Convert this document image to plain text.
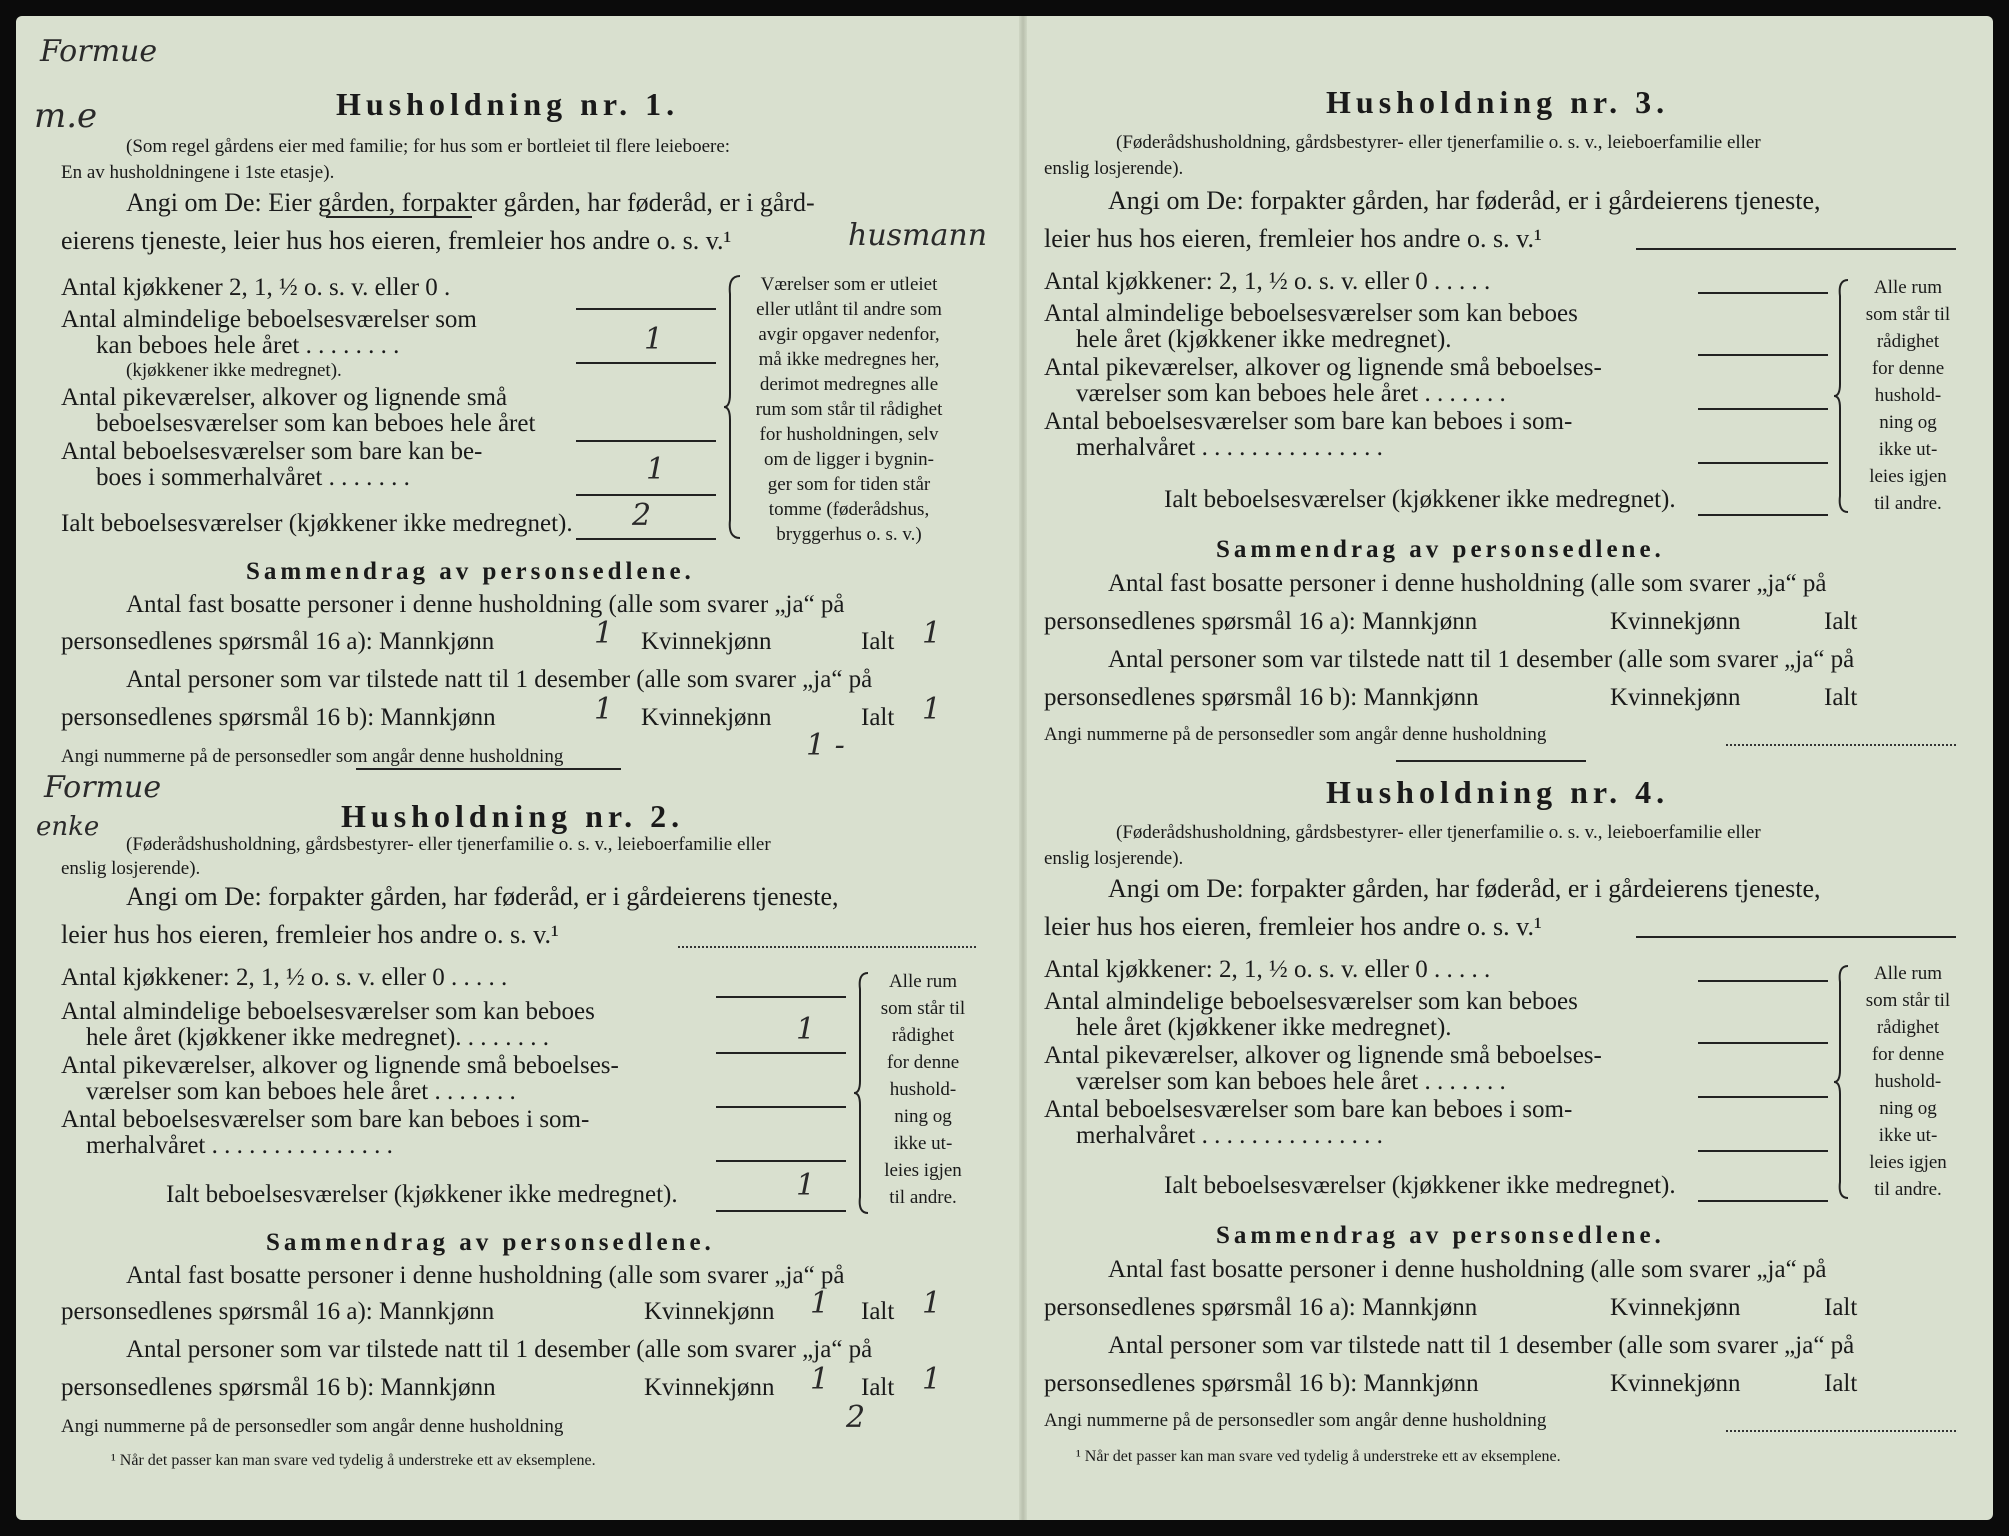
Formue
m.e	Husholdning nr. 1.
(Som regel gårdens eier med familie; for hus som er bortleiet til flere leieboere:
En av husholdningene i 1ste etasje).
Angi om De: Eier gården, forpakter gården, har føderåd, er i gård-
eierens tjeneste, leier hus hos eieren, fremleier hos andre o. s. v.¹	husmann
Antal kjøkkener 2, 1, ½ o. s. v. eller 0 .
Antal almindelige beboelsesværelser som
kan beboes hele året . . . . . . . .	1
(kjøkkener ikke medregnet).
Antal pikeværelser, alkover og lignende små
beboelsesværelser som kan beboes hele året
Antal beboelsesværelser som bare kan be-
boes i sommerhalvåret . . . . . . .	1
Ialt beboelsesværelser (kjøkkener ikke medregnet). 2
Værelser som er utleiet
eller utlånt til andre som
avgir opgaver nedenfor,
må ikke medregnes her,
derimot medregnes alle
rum som står til rådighet
for husholdningen, selv
om de ligger i bygnin-
ger som for tiden står
tomme (føderådshus,
bryggerhus o. s. v.)
Sammendrag av personsedlene.
Antal fast bosatte personer i denne husholdning (alle som svarer „ja“ på
personsedlenes spørsmål 16 a): Mannkjønn	1 Kvinnekjønn	Ialt 1
Antal personer som var tilstede natt til 1 desember (alle som svarer „ja“ på
personsedlenes spørsmål 16 b): Mannkjønn	1 Kvinnekjønn	Ialt 1
Angi nummerne på de personsedler som angår denne husholdning	1 -
Formue
enke	Husholdning nr. 2.
(Føderådshusholdning, gårdsbestyrer- eller tjenerfamilie o. s. v., leieboerfamilie eller
enslig losjerende).
Angi om De: forpakter gården, har føderåd, er i gårdeierens tjeneste,
leier hus hos eieren, fremleier hos andre o. s. v.¹
Antal kjøkkener: 2, 1, ½ o. s. v. eller 0 . . . . .
Antal almindelige beboelsesværelser som kan beboes
hele året (kjøkkener ikke medregnet). . . . . . . .	1
Antal pikeværelser, alkover og lignende små beboelses-
værelser som kan beboes hele året . . . . . . .
Antal beboelsesværelser som bare kan beboes i som-
merhalvåret . . . . . . . . . . . . . . .
Ialt beboelsesværelser (kjøkkener ikke medregnet).	1
Alle rum
som står til
rådighet
for denne
hushold-
ning og
ikke ut-
leies igjen
til andre.
Sammendrag av personsedlene.
Antal fast bosatte personer i denne husholdning (alle som svarer „ja“ på
personsedlenes spørsmål 16 a): Mannkjønn	Kvinnekjønn 1 Ialt 1
Antal personer som var tilstede natt til 1 desember (alle som svarer „ja“ på
personsedlenes spørsmål 16 b): Mannkjønn	Kvinnekjønn 1 Ialt 1
Angi nummerne på de personsedler som angår denne husholdning	2
¹ Når det passer kan man svare ved tydelig å understreke ett av eksemplene.
Husholdning nr. 3.
(Føderådshusholdning, gårdsbestyrer- eller tjenerfamilie o. s. v., leieboerfamilie eller
enslig losjerende).
Angi om De: forpakter gården, har føderåd, er i gårdeierens tjeneste,
leier hus hos eieren, fremleier hos andre o. s. v.¹
Antal kjøkkener: 2, 1, ½ o. s. v. eller 0 . . . . .
Antal almindelige beboelsesværelser som kan beboes
hele året (kjøkkener ikke medregnet).
Antal pikeværelser, alkover og lignende små beboelses-
værelser som kan beboes hele året . . . . . . .
Antal beboelsesværelser som bare kan beboes i som-
merhalvåret . . . . . . . . . . . . . . .
Ialt beboelsesværelser (kjøkkener ikke medregnet).
Alle rum
som står til
rådighet
for denne
hushold-
ning og
ikke ut-
leies igjen
til andre.
Sammendrag av personsedlene.
Antal fast bosatte personer i denne husholdning (alle som svarer „ja“ på
personsedlenes spørsmål 16 a): Mannkjønn	Kvinnekjønn	Ialt
Antal personer som var tilstede natt til 1 desember (alle som svarer „ja“ på
personsedlenes spørsmål 16 b): Mannkjønn	Kvinnekjønn	Ialt
Angi nummerne på de personsedler som angår denne husholdning
Husholdning nr. 4.
(Føderådshusholdning, gårdsbestyrer- eller tjenerfamilie o. s. v., leieboerfamilie eller
enslig losjerende).
Angi om De: forpakter gården, har føderåd, er i gårdeierens tjeneste,
leier hus hos eieren, fremleier hos andre o. s. v.¹
Antal kjøkkener: 2, 1, ½ o. s. v. eller 0 . . . . .
Antal almindelige beboelsesværelser som kan beboes
hele året (kjøkkener ikke medregnet).
Antal pikeværelser, alkover og lignende små beboelses-
værelser som kan beboes hele året . . . . . . .
Antal beboelsesværelser som bare kan beboes i som-
merhalvåret . . . . . . . . . . . . . . .
Ialt beboelsesværelser (kjøkkener ikke medregnet).
Alle rum
som står til
rådighet
for denne
hushold-
ning og
ikke ut-
leies igjen
til andre.
Sammendrag av personsedlene.
Antal fast bosatte personer i denne husholdning (alle som svarer „ja“ på
personsedlenes spørsmål 16 a): Mannkjønn	Kvinnekjønn	Ialt
Antal personer som var tilstede natt til 1 desember (alle som svarer „ja“ på
personsedlenes spørsmål 16 b): Mannkjønn	Kvinnekjønn	Ialt
Angi nummerne på de personsedler som angår denne husholdning
¹ Når det passer kan man svare ved tydelig å understreke ett av eksemplene.
